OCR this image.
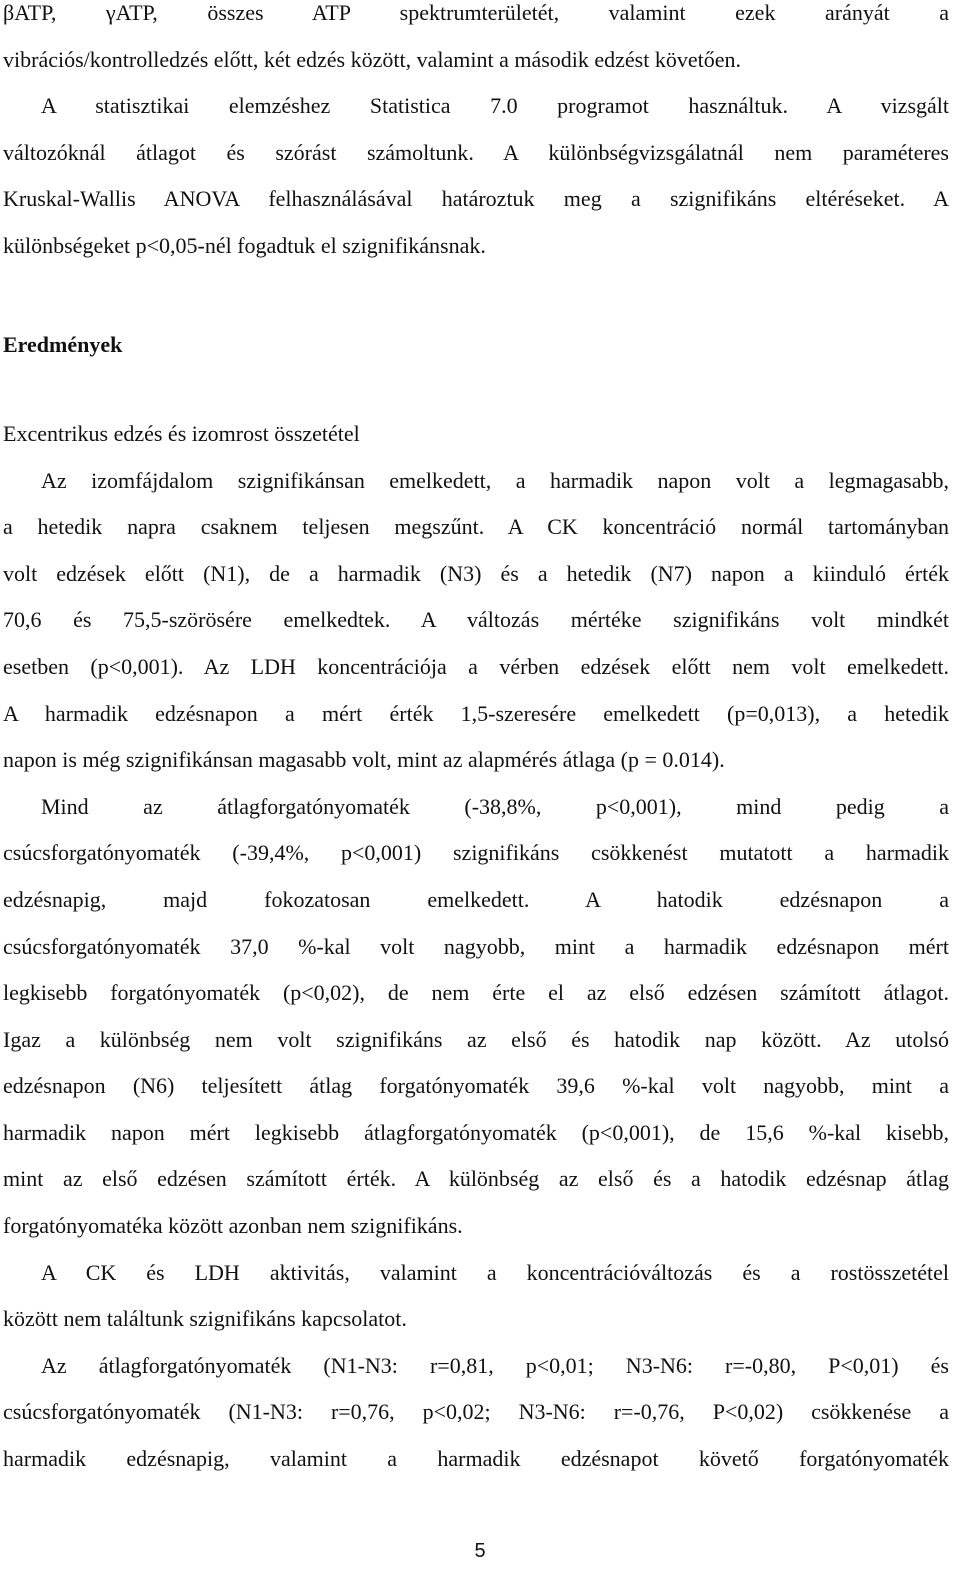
βATP, γATP, összes ATP spektrumterületét, valamint ezek arányát a
vibrációs/kontrolledzés előtt, két edzés között, valamint a második edzést követően.
A statisztikai elemzéshez Statistica 7.0 programot használtuk. A vizsgált
változóknál átlagot és szórást számoltunk. A különbségvizsgálatnál nem paraméteres
Kruskal-Wallis ANOVA felhasználásával határoztuk meg a szignifikáns eltéréseket. A
különbségeket p<0,05-nél fogadtuk el szignifikánsnak.
Eredmények
Excentrikus edzés és izomrost összetétel
Az izomfájdalom szignifikánsan emelkedett, a harmadik napon volt a legmagasabb,
a hetedik napra csaknem teljesen megszűnt. A CK koncentráció normál tartományban
volt edzések előtt (N1), de a harmadik (N3) és a hetedik (N7) napon a kiinduló érték
70,6 és 75,5-szörösére emelkedtek. A változás mértéke szignifikáns volt mindkét
esetben (p<0,001). Az LDH koncentrációja a vérben edzések előtt nem volt emelkedett.
A harmadik edzésnapon a mért érték 1,5-szeresére emelkedett (p=0,013), a hetedik
napon is még szignifikánsan magasabb volt, mint az alapmérés átlaga (p = 0.014).
Mind az átlagforgatónyomaték (-38,8%, p<0,001), mind pedig a
csúcsforgatónyomaték (-39,4%, p<0,001) szignifikáns csökkenést mutatott a harmadik
edzésnapig, majd fokozatosan emelkedett. A hatodik edzésnapon a
csúcsforgatónyomaték 37,0 %-kal volt nagyobb, mint a harmadik edzésnapon mért
legkisebb forgatónyomaték (p<0,02), de nem érte el az első edzésen számított átlagot.
Igaz a különbség nem volt szignifikáns az első és hatodik nap között. Az utolsó
edzésnapon (N6) teljesített átlag forgatónyomaték 39,6 %-kal volt nagyobb, mint a
harmadik napon mért legkisebb átlagforgatónyomaték (p<0,001), de 15,6 %-kal kisebb,
mint az első edzésen számított érték. A különbség az első és a hatodik edzésnap átlag
forgatónyomatéka között azonban nem szignifikáns.
A CK és LDH aktivitás, valamint a koncentrációváltozás és a rostösszetétel
között nem találtunk szignifikáns kapcsolatot.
Az átlagforgatónyomaték (N1-N3: r=0,81, p<0,01; N3-N6: r=-0,80, P<0,01) és
csúcsforgatónyomaték (N1-N3: r=0,76, p<0,02; N3-N6: r=-0,76, P<0,02) csökkenése a
harmadik edzésnapig, valamint a harmadik edzésnapot követő forgatónyomaték
5
